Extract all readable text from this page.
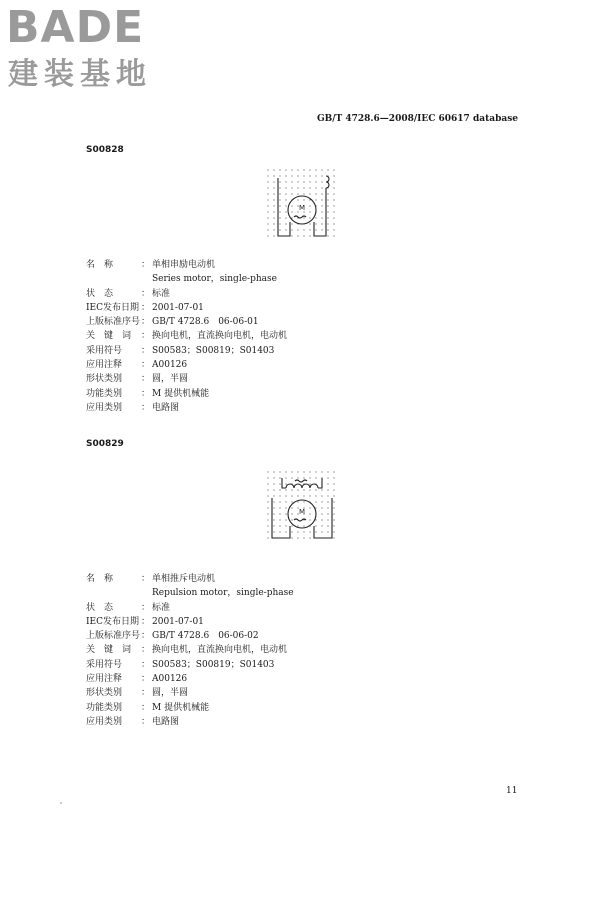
BADE
建装基地
GB/T 4728.6—2008/IEC 60617 database
S00828
M
名　称 ：	单相串励电动机
Series motor，single-phase
状　态 ：	标准
IEC发布日期 ：	2001-07-01
上版标准序号 ：	GB/T 4728.6　06-06-01
关　键　词 ：	换向电机，直流换向电机，电动机
采用符号 ：	S00583；S00819；S01403
应用注释 ：	A00126
形状类别 ：	圆，半圆
功能类别 ：	M 提供机械能
应用类别 ：	电路图
S00829
M
名　称 ：	单相推斥电动机
Repulsion motor，single-phase
状　态 ：	标准
IEC发布日期 ：	2001-07-01
上版标准序号 ：	GB/T 4728.6　06-06-02
关　键　词 ：	换向电机，直流换向电机，电动机
采用符号 ：	S00583；S00819；S01403
应用注释 ：	A00126
形状类别 ：	圆，半圆
功能类别 ：	M 提供机械能
应用类别 ：	电路图
11
